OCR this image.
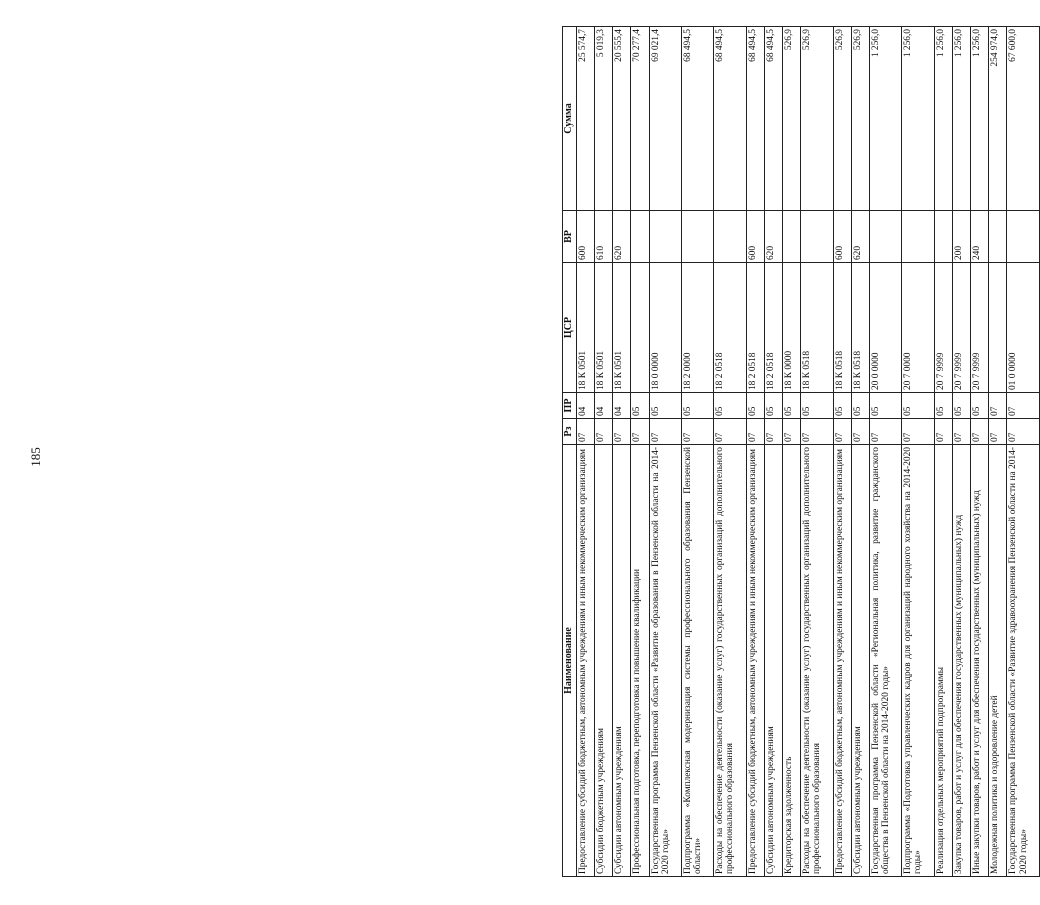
185
Наименование	Рз	ПР	ЦСР	ВР	Сумма
Предоставление субсидий бюджетным, автономным учреждениям и иным некоммерческим организациям	07	04	18 К 0501	600	25 574,7
Субсидии бюджетным учреждениям	07	04	18 К 0501	610	5 019,3
Субсидии автономным учреждениям	07	04	18 К 0501	620	20 555,4
Профессиональная подготовка, переподготовка и повышение квалификации	07	05			70 277,4
Государственная программа Пензенской области «Развитие образования в Пензенской области на 2014-2020 годы»	07	05	18 0 0000		69 021,4
Подпрограмма «Комплексная модернизация системы профессионального образования Пензенской области»	07	05	18 2 0000		68 494,5
Расходы на обеспечение деятельности (оказание услуг) государственных организаций дополнительного профессионального образования	07	05	18 2 0518		68 494,5
Предоставление субсидий бюджетным, автономным учреждениям и иным некоммерческим организациям	07	05	18 2 0518	600	68 494,5
Субсидии автономным учреждениям	07	05	18 2 0518	620	68 494,5
Кредиторская задолженность	07	05	18 К 0000		526,9
Расходы на обеспечение деятельности (оказание услуг) государственных организаций дополнительного профессионального образования	07	05	18 К 0518		526,9
Предоставление субсидий бюджетным, автономным учреждениям и иным некоммерческим организациям	07	05	18 К 0518	600	526,9
Субсидии автономным учреждениям	07	05	18 К 0518	620	526,9
Государственная программа Пензенской области «Региональная политика, развитие гражданского общества в Пензенской области на 2014-2020 годы»	07	05	20 0 0000		1 256,0
Подпрограмма «Подготовка управленческих кадров для организаций народного хозяйства на 2014-2020 годы»	07	05	20 7 0000		1 256,0
Реализация отдельных мероприятий подпрограммы	07	05	20 7 9999		1 256,0
Закупка товаров, работ и услуг для обеспечения государственных (муниципальных) нужд	07	05	20 7 9999	200	1 256,0
Иные закупки товаров, работ и услуг для обеспечения государственных (муниципальных) нужд	07	05	20 7 9999	240	1 256,0
Молодежная политика и оздоровление детей	07	07			254 974,0
Государственная программа Пензенской области «Развитие здравоохранения Пензенской области на 2014-2020 годы»	07	07	01 0 0000		67 600,0
